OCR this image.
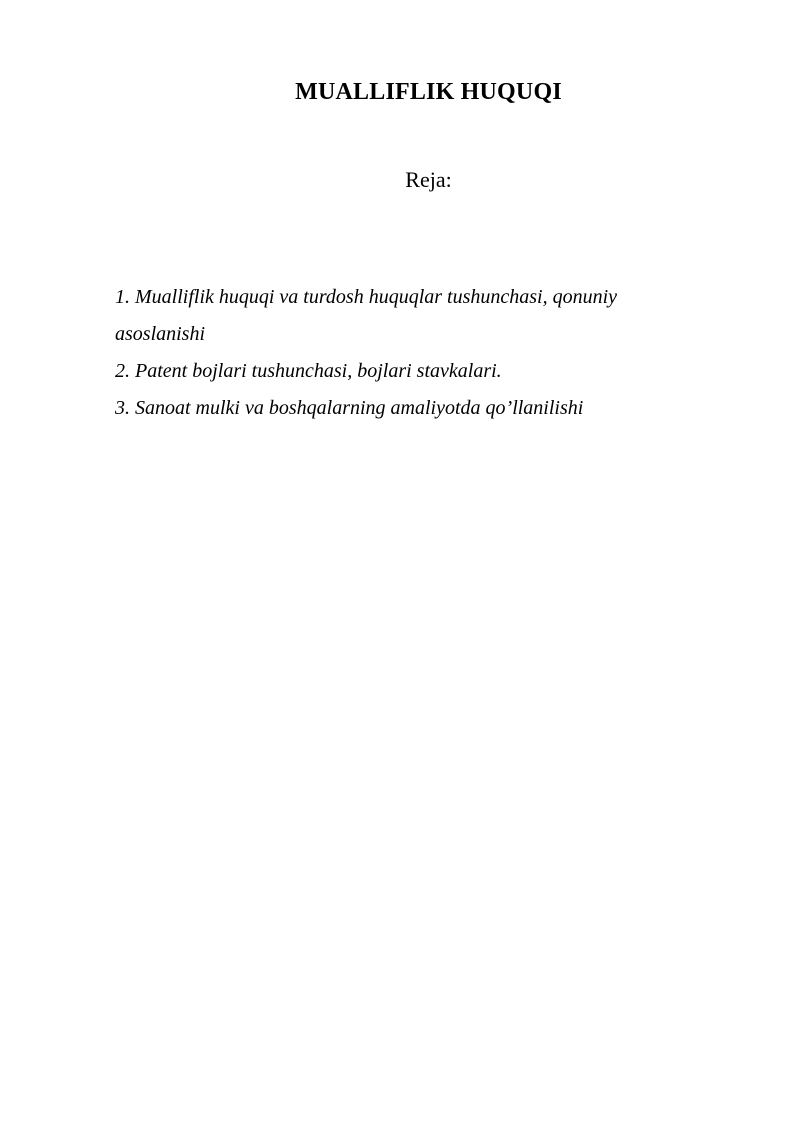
MUALLIFLIK HUQUQI
Reja:
1. Mualliflik huquqi va turdosh huquqlar tushunchasi, qonuniy asoslanishi
2. Patent bojlari tushunchasi, bojlari stavkalari.
3. Sanoat mulki va boshqalarning amaliyotda qo’llanilishi
